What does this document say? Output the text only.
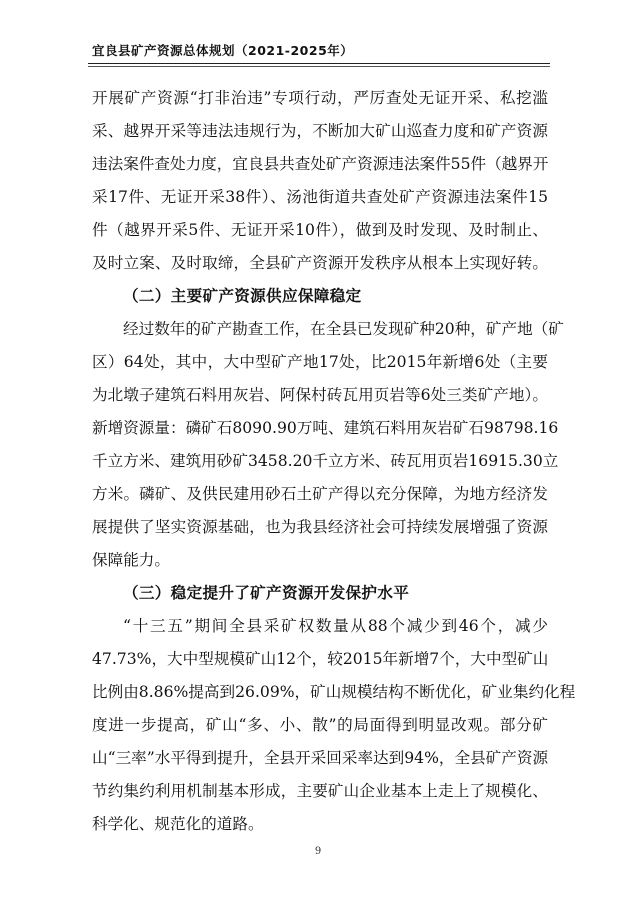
宜良县矿产资源总体规划（2021-2025年）
开展矿产资源“打非治违”专项行动，严厉查处无证开采、私挖滥
采、越界开采等违法违规行为，不断加大矿山巡查力度和矿产资源
违法案件查处力度，宜良县共查处矿产资源违法案件55件（越界开
采17件、无证开采38件）、汤池街道共查处矿产资源违法案件15
件（越界开采5件、无证开采10件），做到及时发现、及时制止、
及时立案、及时取缔，全县矿产资源开发秩序从根本上实现好转。
（二）主要矿产资源供应保障稳定
经过数年的矿产勘查工作，在全县已发现矿种20种，矿产地（矿
区）64处，其中，大中型矿产地17处，比2015年新增6处（主要
为北墩子建筑石料用灰岩、阿保村砖瓦用页岩等6处三类矿产地）。
新增资源量：磷矿石8090.90万吨、建筑石料用灰岩矿石98798.16
千立方米、建筑用砂矿3458.20千立方米、砖瓦用页岩16915.30立
方米。磷矿、及供民建用砂石土矿产得以充分保障，为地方经济发
展提供了坚实资源基础，也为我县经济社会可持续发展增强了资源
保障能力。
（三）稳定提升了矿产资源开发保护水平
“十三五”期间全县采矿权数量从88个减少到46个，减少
47.73%，大中型规模矿山12个，较2015年新增7个，大中型矿山
比例由8.86%提高到26.09%，矿山规模结构不断优化，矿业集约化程
度进一步提高，矿山“多、小、散”的局面得到明显改观。部分矿
山“三率”水平得到提升，全县开采回采率达到94%，全县矿产资源
节约集约利用机制基本形成，主要矿山企业基本上走上了规模化、
科学化、规范化的道路。
9
